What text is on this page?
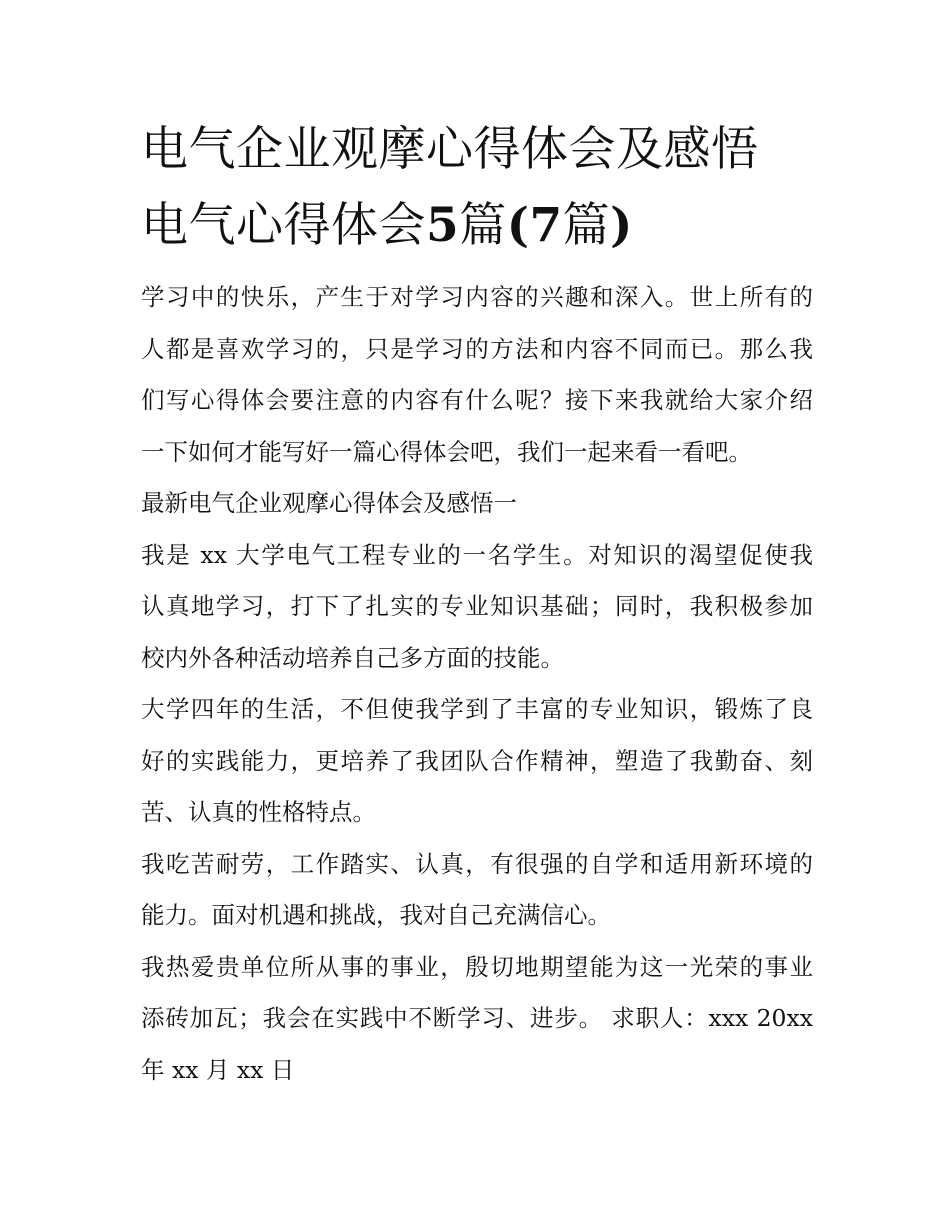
电气企业观摩心得体会及感悟
电气心得体会5篇(7篇)

学习中的快乐，产生于对学习内容的兴趣和深入。世上所有的
人都是喜欢学习的，只是学习的方法和内容不同而已。那么我
们写心得体会要注意的内容有什么呢？接下来我就给大家介绍
一下如何才能写好一篇心得体会吧，我们一起来看一看吧。

最新电气企业观摩心得体会及感悟一

我是 xx 大学电气工程专业的一名学生。对知识的渴望促使我
认真地学习，打下了扎实的专业知识基础；同时，我积极参加
校内外各种活动培养自己多方面的技能。

大学四年的生活，不但使我学到了丰富的专业知识，锻炼了良
好的实践能力，更培养了我团队合作精神，塑造了我勤奋、刻
苦、认真的性格特点。

我吃苦耐劳，工作踏实、认真，有很强的自学和适用新环境的
能力。面对机遇和挑战，我对自己充满信心。

我热爱贵单位所从事的事业，殷切地期望能为这一光荣的事业
添砖加瓦；我会在实践中不断学习、进步。 求职人：xxx 20xx
年 xx 月 xx 日
